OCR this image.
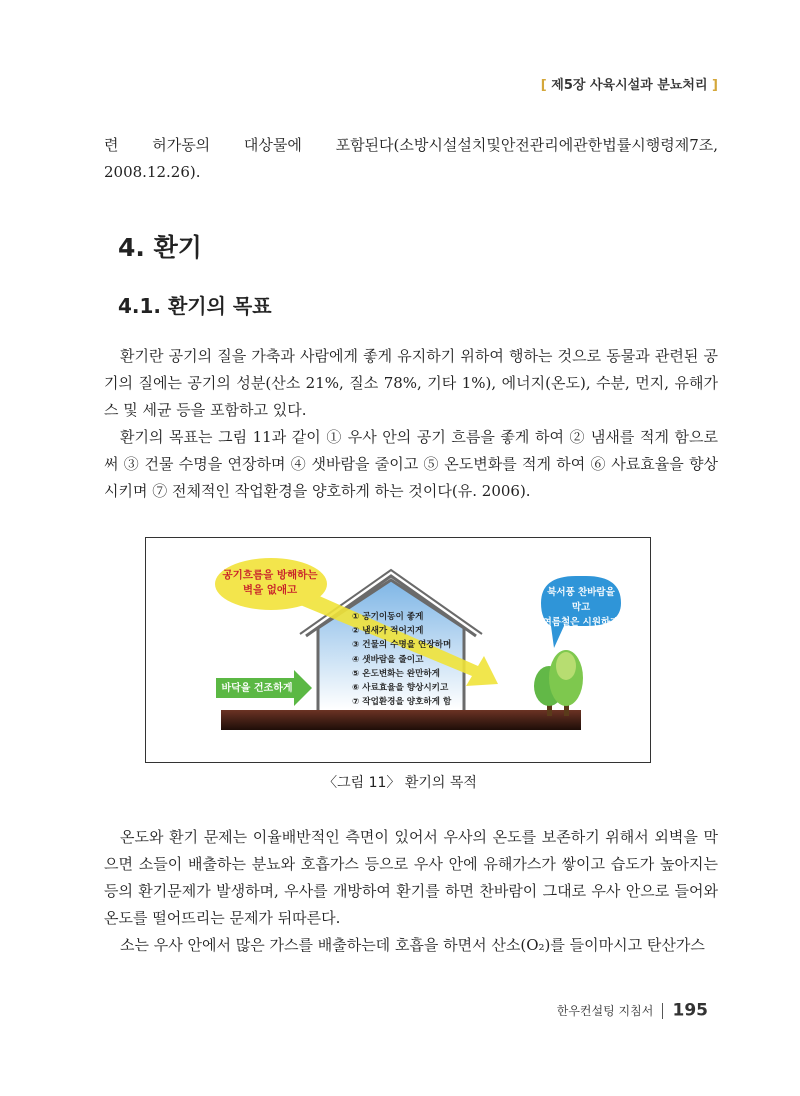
[ 제5장 사육시설과 분뇨처리 ]

련 허가동의 대상물에 포함된다(소방시설설치및안전관리에관한법률시행령제7조, 2008.12.26).

4. 환기
4.1. 환기의 목표

환기란 공기의 질을 가축과 사람에게 좋게 유지하기 위하여 행하는 것으로 동물과 관련된 공기의 질에는 공기의 성분(산소 21%, 질소 78%, 기타 1%), 에너지(온도), 수분, 먼지, 유해가스 및 세균 등을 포함하고 있다.

환기의 목표는 그림 11과 같이 ① 우사 안의 공기 흐름을 좋게 하여 ② 냄새를 적게 함으로써 ③ 건물 수명을 연장하며 ④ 샛바람을 줄이고 ⑤ 온도변화를 적게 하여 ⑥ 사료효율을 향상시키며 ⑦ 전체적인 작업환경을 양호하게 하는 것이다(유. 2006).

공기흐름을 방해하는
벽을 없애고	북서풍 찬바람을 막고
여름철은 시원하게
바닥을 건조하게
① 공기이동이 좋게
② 냄새가 적어지게
③ 건물의 수명을 연장하며
④ 샛바람을 줄이고
⑤ 온도변화는 완만하게
⑥ 사료효율을 향상시키고
⑦ 작업환경을 양호하게 함
〈그림 11〉 환기의 목적

온도와 환기 문제는 이율배반적인 측면이 있어서 우사의 온도를 보존하기 위해서 외벽을 막으면 소들이 배출하는 분뇨와 호흡가스 등으로 우사 안에 유해가스가 쌓이고 습도가 높아지는 등의 환기문제가 발생하며, 우사를 개방하여 환기를 하면 찬바람이 그대로 우사 안으로 들어와 온도를 떨어뜨리는 문제가 뒤따른다.

소는 우사 안에서 많은 가스를 배출하는데 호흡을 하면서 산소(O₂)를 들이마시고 탄산가스

한우컨설팅 지침서 195
